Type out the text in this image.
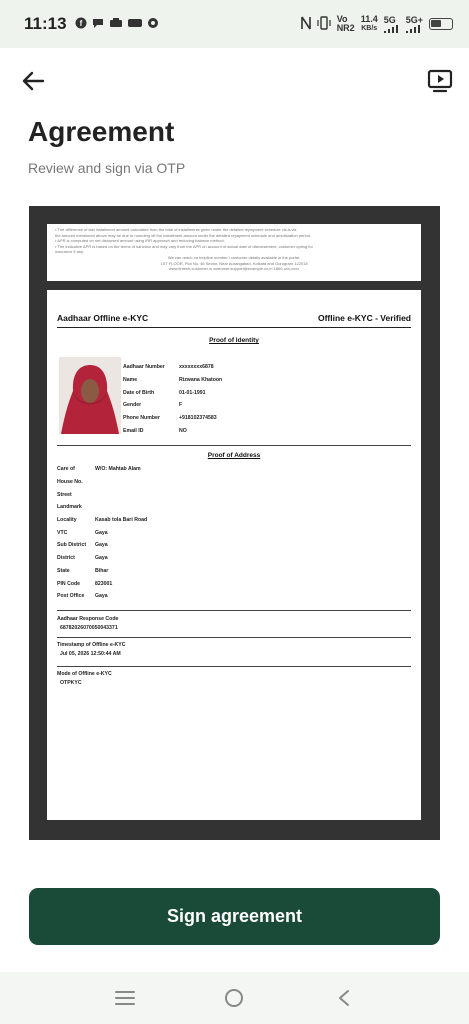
11:13 f	Vo
NR2
11.4
KB/s
5G	5G+
Agreement
Review and sign via OTP
• The difference of last installment amount calculated from the total of installments given under the detailed repayment schedule vis-à-vis
the amount mentioned above may be due to rounding off the installment amount under the detailed repayment schedule and amortization period.
• APR is computed on net disbursed amount using IRR approach and reducing balance method.
• The indicative APR is based on the terms of sanction and may vary from the APR on account of actual date of disbursement, customer opting for
insurance if any.
We can reach on helpline number / customer details available in the portal.
1ST FLOOR, Plot No. 46 Sector, Near Aurangabad, Kolkata and Gurugram 122018
www.fintech-customer.in customer.support@example.co.in 1800-xxx-xxxx
Aadhaar Offline e-KYC	Offline e-KYC - Verified
Proof of Identity
Aadhaar Number	xxxxxxxx6878
Name	Rizwana Khatoon
Date of Birth	01-01-1991
Gender	F
Phone Number	+918102374583
Email ID	NO
Proof of Address
Care of	W/O: Mahtab Alam
House No.
Street
Landmark
Locality	Kasab tola Bari Road
VTC	Gaya
Sub District	Gaya
District	Gaya
State	Bihar
PIN Code	823001
Post Office	Gaya
Aadhaar Response Code
68782026070050043371
Timestamp of Offline e-KYC
Jul 05, 2026 12:50:44 AM
Mode of Offline e-KYC
OTPKYC
Sign agreement
